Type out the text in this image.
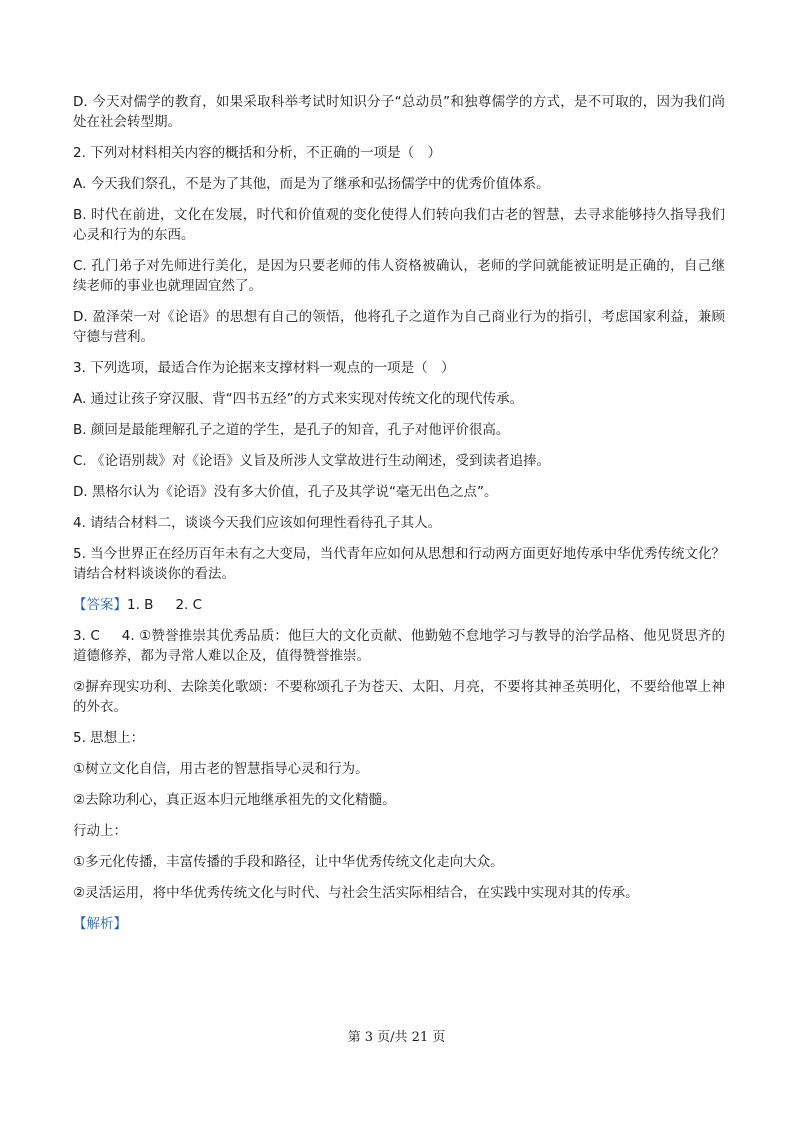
D. 今天对儒学的教育，如果采取科举考试时知识分子“总动员”和独尊儒学的方式，是不可取的，因为我们尚处在社会转型期。

2. 下列对材料相关内容的概括和分析，不正确的一项是（　）

A. 今天我们祭孔，不是为了其他，而是为了继承和弘扬儒学中的优秀价值体系。

B. 时代在前进，文化在发展，时代和价值观的变化使得人们转向我们古老的智慧，去寻求能够持久指导我们心灵和行为的东西。

C. 孔门弟子对先师进行美化，是因为只要老师的伟人资格被确认，老师的学问就能被证明是正确的，自己继续老师的事业也就理固宜然了。

D. 盈泽荣一对《论语》的思想有自己的领悟，他将孔子之道作为自己商业行为的指引，考虑国家利益，兼顾守德与营利。

3. 下列选项，最适合作为论据来支撑材料一观点的一项是（　）

A. 通过让孩子穿汉服、背“四书五经”的方式来实现对传统文化的现代传承。

B. 颜回是最能理解孔子之道的学生，是孔子的知音，孔子对他评价很高。

C. 《论语别裁》对《论语》义旨及所涉人文掌故进行生动阐述，受到读者追捧。

D. 黑格尔认为《论语》没有多大价值，孔子及其学说“毫无出色之点”。

4. 请结合材料二，谈谈今天我们应该如何理性看待孔子其人。

5. 当今世界正在经历百年未有之大变局，当代青年应如何从思想和行动两方面更好地传承中华优秀传统文化？请结合材料谈谈你的看法。

【答案】1. B 2. C

3. C 4. ①赞誉推崇其优秀品质：他巨大的文化贡献、他勤勉不怠地学习与教导的治学品格、他见贤思齐的道德修养，都为寻常人难以企及，值得赞誉推崇。

②摒弃现实功利、去除美化歌颂：不要称颂孔子为苍天、太阳、月亮，不要将其神圣英明化，不要给他罩上神的外衣。

5. 思想上：

①树立文化自信，用古老的智慧指导心灵和行为。

②去除功利心，真正返本归元地继承祖先的文化精髓。

行动上：

①多元化传播，丰富传播的手段和路径，让中华优秀传统文化走向大众。

②灵活运用，将中华优秀传统文化与时代、与社会生活实际相结合，在实践中实现对其的传承。

【解析】

第 3 页/共 21 页
